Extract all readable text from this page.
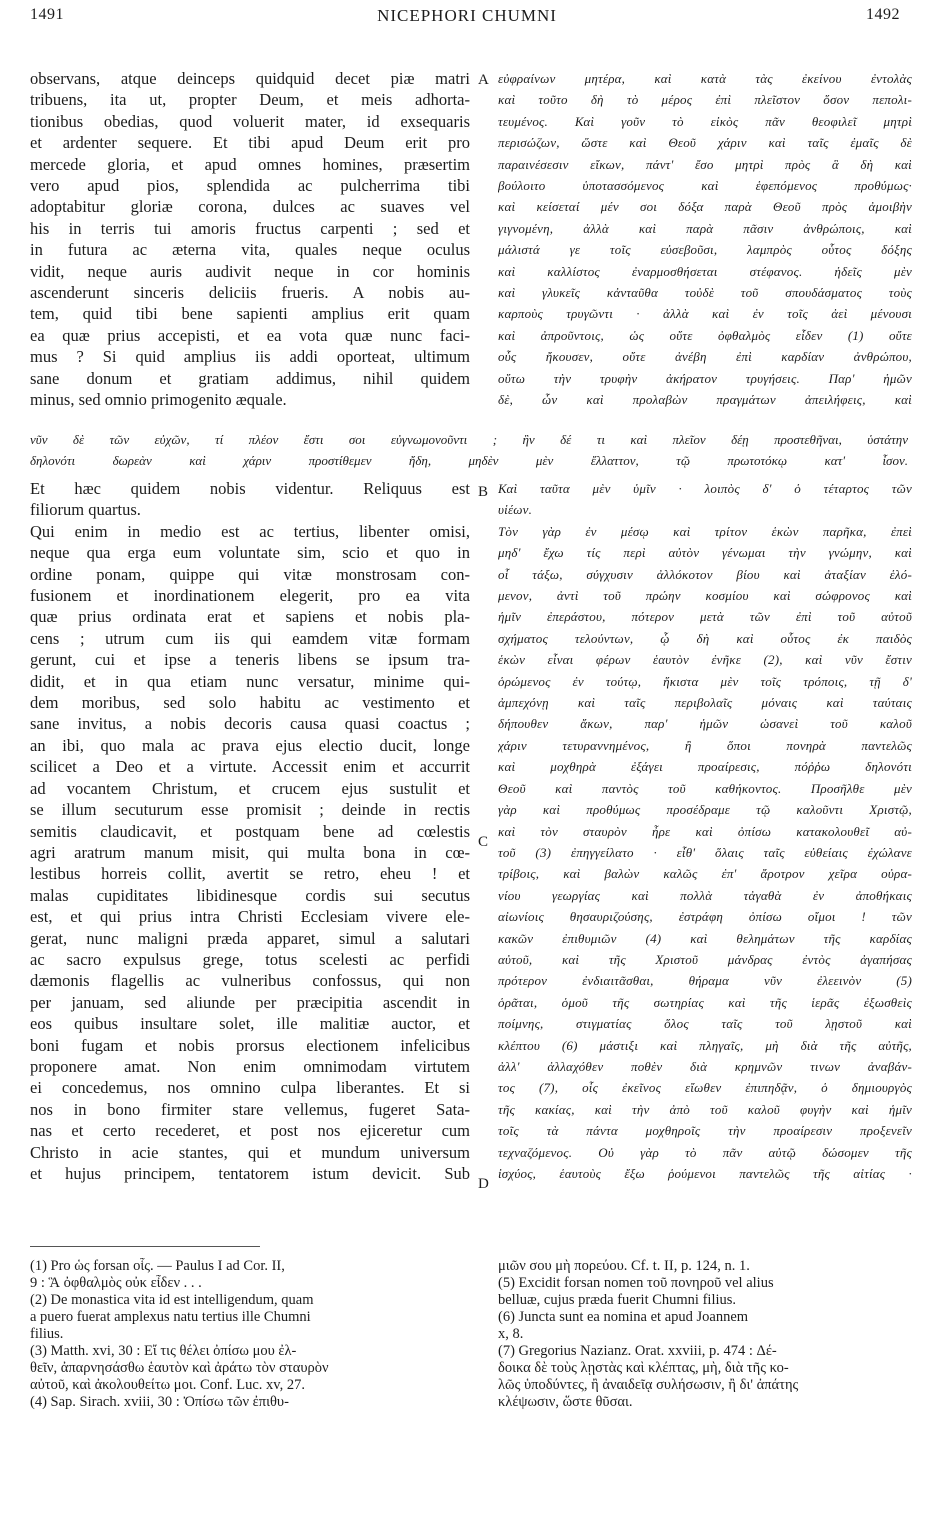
1491	NICEPHORI CHUMNI	1492
observans, atque deinceps quidquid decet piæ matri
tribuens, ita ut, propter Deum, et meis adhorta-
tionibus obedias, quod voluerit mater, id exsequaris
et ardenter sequere. Et tibi apud Deum erit pro
mercede gloria, et apud omnes homines, præsertim
vero apud pios, splendida ac pulcherrima tibi
adoptabitur gloriæ corona, dulces ac suaves vel
his in terris tui amoris fructus carpenti ; sed et
in futura ac æterna vita, quales neque oculus
vidit, neque auris audivit neque in cor hominis
ascenderunt sinceris deliciis frueris. A nobis au-
tem, quid tibi bene sapienti amplius erit quam
ea quæ prius accepisti, et ea vota quæ nunc faci-
mus ? Si quid amplius iis addi oporteat, ultimum
sane donum et gratiam addimus, nihil quidem
minus, sed omnio primogenito æquale.
εὐφραίνων μητέρα, καὶ κατὰ τὰς ἐκείνου ἐντολὰς
καὶ τοῦτο δὴ τὸ μέρος ἐπὶ πλεῖστον ὅσον πεπολι-
τευμένος. Καὶ γοῦν τὸ εἰκὸς πᾶν θεοφιλεῖ μητρὶ
περισώζων, ὥστε καὶ Θεοῦ χάριν καὶ ταῖς ἐμαῖς δὲ
παραινέσεσιν εἴκων, πάντ' ἔσο μητρὶ πρὸς ἃ δὴ καὶ
βούλοιτο ὑποτασσόμενος καὶ ἑφεπόμενος προθύμως·
καὶ κείσεταί μέν σοι δόξα παρὰ Θεοῦ πρὸς ἀμοιβὴν
γιγνομένη, ἀλλὰ καὶ παρὰ πᾶσιν ἀνθρώποις, καὶ
μάλιστά γε τοῖς εὐσεβοῦσι, λαμπρὸς οὗτος δόξης
καὶ καλλίστος ἐναρμοσθήσεται στέφανος. ἡδεῖς μὲν
καὶ γλυκεῖς κἀνταῦθα τοὐδὲ τοῦ σπουδάσματος τοὺς
καρποὺς τρυγῶντι · ἀλλὰ καὶ ἐν τοῖς ἀεὶ μένουσι
καὶ ἀπροῦντοις, ὡς οὔτε ὀφθαλμὸς εἶδεν (1) οὔτε
οὖς ἤκουσεν, οὔτε ἀνέβη ἐπὶ καρδίαν ἀνθρώπου,
οὕτω τὴν τρυφὴν ἀκήρατον τρυγήσεις. Παρ' ἡμῶν
δὲ, ὧν καὶ προλαβὼν πραγμάτων ἀπειλήφεις, καὶ
A
νῦν δὲ τῶν εὐχῶν, τί πλέον ἔστι σοι εὐγνωμονοῦντι ; ἣν δέ τι καὶ πλεῖον δέῃ προστεθῆναι, ὑστάτην
δηλονότι δωρεὰν καὶ χάριν προστίθεμεν ἤδη, μηδὲν μὲν ἔλλαττον, τῷ πρωτοτόκῳ κατ' ἶσον.
B
C
D
Et hæc quidem nobis videntur. Reliquus est
filiorum quartus.
Qui enim in medio est ac tertius, libenter omisi,
neque qua erga eum voluntate sim, scio et quo in
ordine ponam, quippe qui vitæ monstrosam con-
fusionem et inordinationem elegerit, pro ea vita
quæ prius ordinata erat et sapiens et nobis pla-
cens ; utrum cum iis qui eamdem vitæ formam
gerunt, cui et ipse a teneris libens se ipsum tra-
didit, et in qua etiam nunc versatur, minime qui-
dem moribus, sed solo habitu ac vestimento et
sane invitus, a nobis decoris causa quasi coactus ;
an ibi, quo mala ac prava ejus electio ducit, longe
scilicet a Deo et a virtute. Accessit enim et accurrit
ad vocantem Christum, et crucem ejus sustulit et
se illum secuturum esse promisit ; deinde in rectis
semitis claudicavit, et postquam bene ad cœlestis
agri aratrum manum misit, qui multa bona in cœ-
lestibus horreis collit, avertit se retro, eheu ! et
malas cupiditates libidinesque cordis sui secutus
est, et qui prius intra Christi Ecclesiam vivere ele-
gerat, nunc maligni præda apparet, simul a salutari
ac sacro expulsus grege, totus scelesti ac perfidi
dæmonis flagellis ac vulneribus confossus, qui non
per januam, sed aliunde per præcipitia ascendit in
eos quibus insultare solet, ille malitiæ auctor, et
boni fugam et nobis prorsus electionem infelicibus
proponere amat. Non enim omnimodam virtutem
ei concedemus, nos omnino culpa liberantes. Et si
nos in bono firmiter stare vellemus, fugeret Sata-
nas et certo recederet, et post nos ejiceretur cum
Christo in acie stantes, qui et mundum universum
et hujus principem, tentatorem istum devicit. Sub
Καὶ ταῦτα μὲν ὑμῖν · λοιπὸς δ' ὁ τέταρτος τῶν
υἱέων.
Τὸν γὰρ ἐν μέσῳ καὶ τρίτον ἑκὼν παρῆκα, ἐπεὶ
μηδ' ἔχω τίς περὶ αὐτὸν γένωμαι τὴν γνώμην, καὶ
οἷ τάξω, σύγχυσιν ἀλλόκοτον βίου καὶ ἀταξίαν ἑλό-
μενον, ἀντὶ τοῦ πρώην κοσμίου καὶ σώφρονος καὶ
ἡμῖν ἐπεράστου, πότερον μετὰ τῶν ἐπὶ τοῦ αὐτοῦ
σχήματος τελούντων, ᾧ δὴ καὶ οὗτος ἐκ παιδὸς
ἑκὼν εἶναι φέρων ἑαυτὸν ἐνῆκε (2), καὶ νῦν ἔστιν
ὁρώμενος ἐν τούτῳ, ἥκιστα μὲν τοῖς τρόποις, τῇ δ'
ἀμπεχόνῃ καὶ ταῖς περιβολαῖς μόναις καὶ ταύταις
δήπουθεν ἄκων, παρ' ἡμῶν ὡσανεὶ τοῦ καλοῦ
χάριν τετυραννημένος, ἢ ὅποι πονηρὰ παντελῶς
καὶ μοχθηρὰ ἐξάγει προαίρεσις, πόῤῥω δηλονότι
Θεοῦ καὶ παντὸς τοῦ καθήκοντος. Προσῆλθε μὲν
γὰρ καὶ προθύμως προσέδραμε τῷ καλοῦντι Χριστῷ,
καὶ τὸν σταυρὸν ἦρε καὶ ὀπίσω κατακολουθεῖ αὐ-
τοῦ (3) ἐπηγγείλατο · εἶθ' ὅλαις ταῖς εὐθείαις ἐχώλανε
τρίβοις, καὶ βαλὼν καλῶς ἐπ' ἄροτρον χεῖρα οὐρα-
νίου γεωργίας καὶ πολλὰ τἀγαθὰ ἐν ἀποθήκαις
αἰωνίοις θησαυριζούσης, ἐστράφη ὀπίσω οἴμοι ! τῶν
κακῶν ἐπιθυμιῶν (4) καὶ θελημάτων τῆς καρδίας
αὐτοῦ, καὶ τῆς Χριστοῦ μάνδρας ἐντὸς ἀγαπήσας
πρότερον ἐνδιαιτᾶσθαι, θήραμα νῦν ἐλεεινὸν (5)
ὁρᾶται, ὁμοῦ τῆς σωτηρίας καὶ τῆς ἱερᾶς ἐξωσθεὶς
ποίμνης, στιγματίας ὅλος ταῖς τοῦ λῃστοῦ καὶ
κλέπτου (6) μάστιξι καὶ πληγαῖς, μὴ διὰ τῆς αὐτῆς,
ἀλλ' ἀλλαχόθεν ποθὲν διὰ κρημνῶν τινων ἀναβάν-
τος (7), οἷς ἐκεῖνος εἴωθεν ἐπιπηδᾷν, ὁ δημιουργὸς
τῆς κακίας, καὶ τὴν ἀπὸ τοῦ καλοῦ φυγὴν καὶ ἡμῖν
τοῖς τὰ πάντα μοχθηροῖς τὴν προαίρεσιν προξενεῖν
τεχναζόμενος. Οὐ γὰρ τὸ πᾶν αὐτῷ δώσομεν τῆς
ἰσχύος, ἑαυτοὺς ἔξω ῥούμενοι παντελῶς τῆς αἰτίας ·
(1) Pro ὡς forsan οἷς. — Paulus I ad Cor. II,
9 : Ἃ ὀφθαλμὸς οὐκ εἶδεν . . .
(2) De monastica vita id est intelligendum, quam
a puero fuerat amplexus natu tertius ille Chumni
filius.
(3) Matth. xvi, 30 : Εἴ τις θέλει ὀπίσω μου ἐλ-
θεῖν, ἀπαρνησάσθω ἑαυτὸν καὶ ἀράτω τὸν σταυρὸν
αὐτοῦ, καὶ ἀκολουθείτω μοι. Conf. Luc. xv, 27.
(4) Sap. Sirach. xviii, 30 : Ὀπίσω τῶν ἐπιθυ-
μιῶν σου μὴ πορεύου. Cf. t. II, p. 124, n. 1.
(5) Excidit forsan nomen τοῦ πονηροῦ vel alius
belluæ, cujus præda fuerit Chumni filius.
(6) Juncta sunt ea nomina et apud Joannem
x, 8.
(7) Gregorius Nazianz. Orat. xxviii, p. 474 : Δέ-
δοικα δὲ τοὺς λῃστὰς καὶ κλέπτας, μὴ, διὰ τῆς κο-
λῶς ὑποδύντες, ἢ ἀναιδεῖᾳ συλήσωσιν, ἢ δι' ἀπάτης
κλέψωσιν, ὥστε θῦσαι.
